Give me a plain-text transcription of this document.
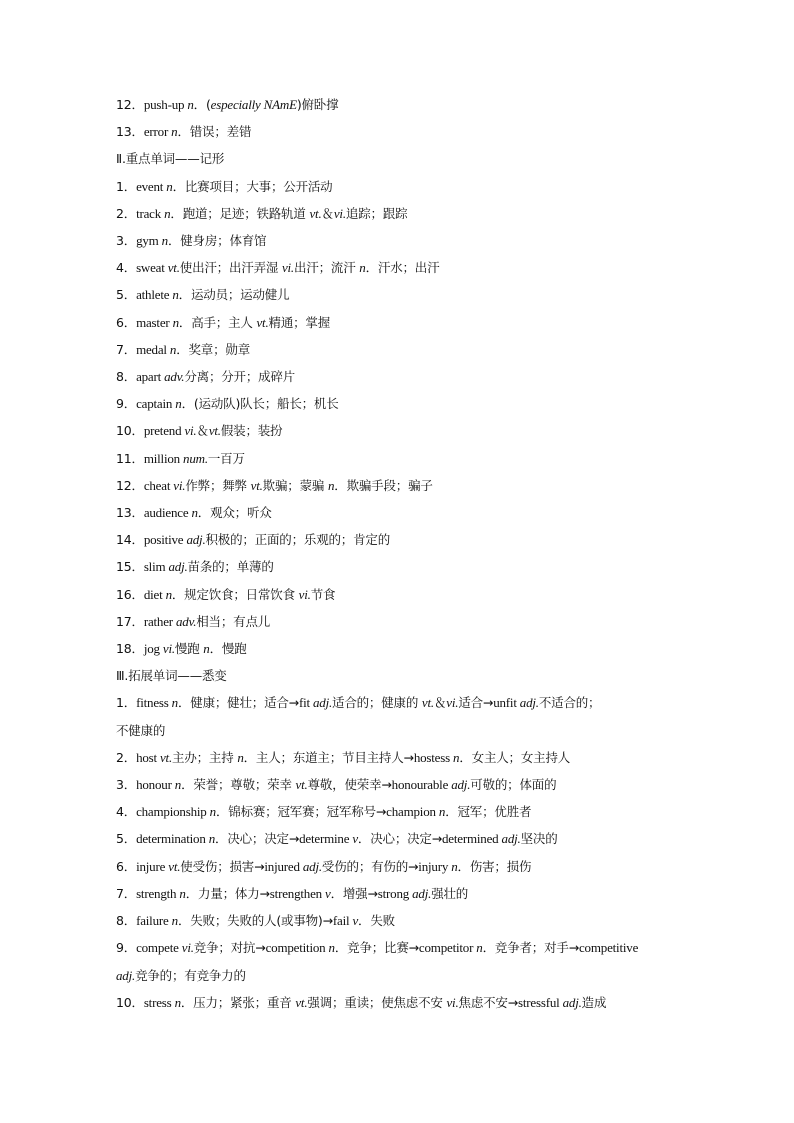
12．push-up n．(especially NAmE)俯卧撑
13．error n．错误；差错
Ⅱ.重点单词——记形
1．event n．比赛项目；大事；公开活动
2．track n．跑道；足迹；铁路轨道 vt.＆vi.追踪；跟踪
3．gym n．健身房；体育馆
4．sweat vt.使出汗；出汗弄湿 vi.出汗；流汗 n．汗水；出汗
5．athlete n．运动员；运动健儿
6．master n．高手；主人 vt.精通；掌握
7．medal n．奖章；勋章
8．apart adv.分离；分开；成碎片
9．captain n．(运动队)队长；船长；机长
10．pretend vi.＆vt.假装；装扮
11．million num.一百万
12．cheat vi.作弊；舞弊 vt.欺骗；蒙骗 n．欺骗手段；骗子
13．audience n．观众；听众
14．positive adj.积极的；正面的；乐观的；肯定的
15．slim adj.苗条的；单薄的
16．diet n．规定饮食；日常饮食 vi.节食
17．rather adv.相当；有点儿
18．jog vi.慢跑 n．慢跑
Ⅲ.拓展单词——悉变
1．fitness n．健康；健壮；适合→fit adj.适合的；健康的 vt.＆vi.适合→unfit adj.不适合的；
不健康的
2．host vt.主办；主持 n．主人；东道主；节目主持人→hostess n．女主人；女主持人
3．honour n．荣誉；尊敬；荣幸 vt.尊敬，使荣幸→honourable adj.可敬的；体面的
4．championship n．锦标赛；冠军赛；冠军称号→champion n．冠军；优胜者
5．determination n．决心；决定→determine v．决心；决定→determined adj.坚决的
6．injure vt.使受伤；损害→injured adj.受伤的；有伤的→injury n．伤害；损伤
7．strength n．力量；体力→strengthen v．增强→strong adj.强壮的
8．failure n．失败；失败的人(或事物)→fail v．失败
9．compete vi.竞争；对抗→competition n．竞争；比赛→competitor n．竞争者；对手→competitive
adj.竞争的；有竞争力的
10．stress n．压力；紧张；重音 vt.强调；重读；使焦虑不安 vi.焦虑不安→stressful adj.造成
